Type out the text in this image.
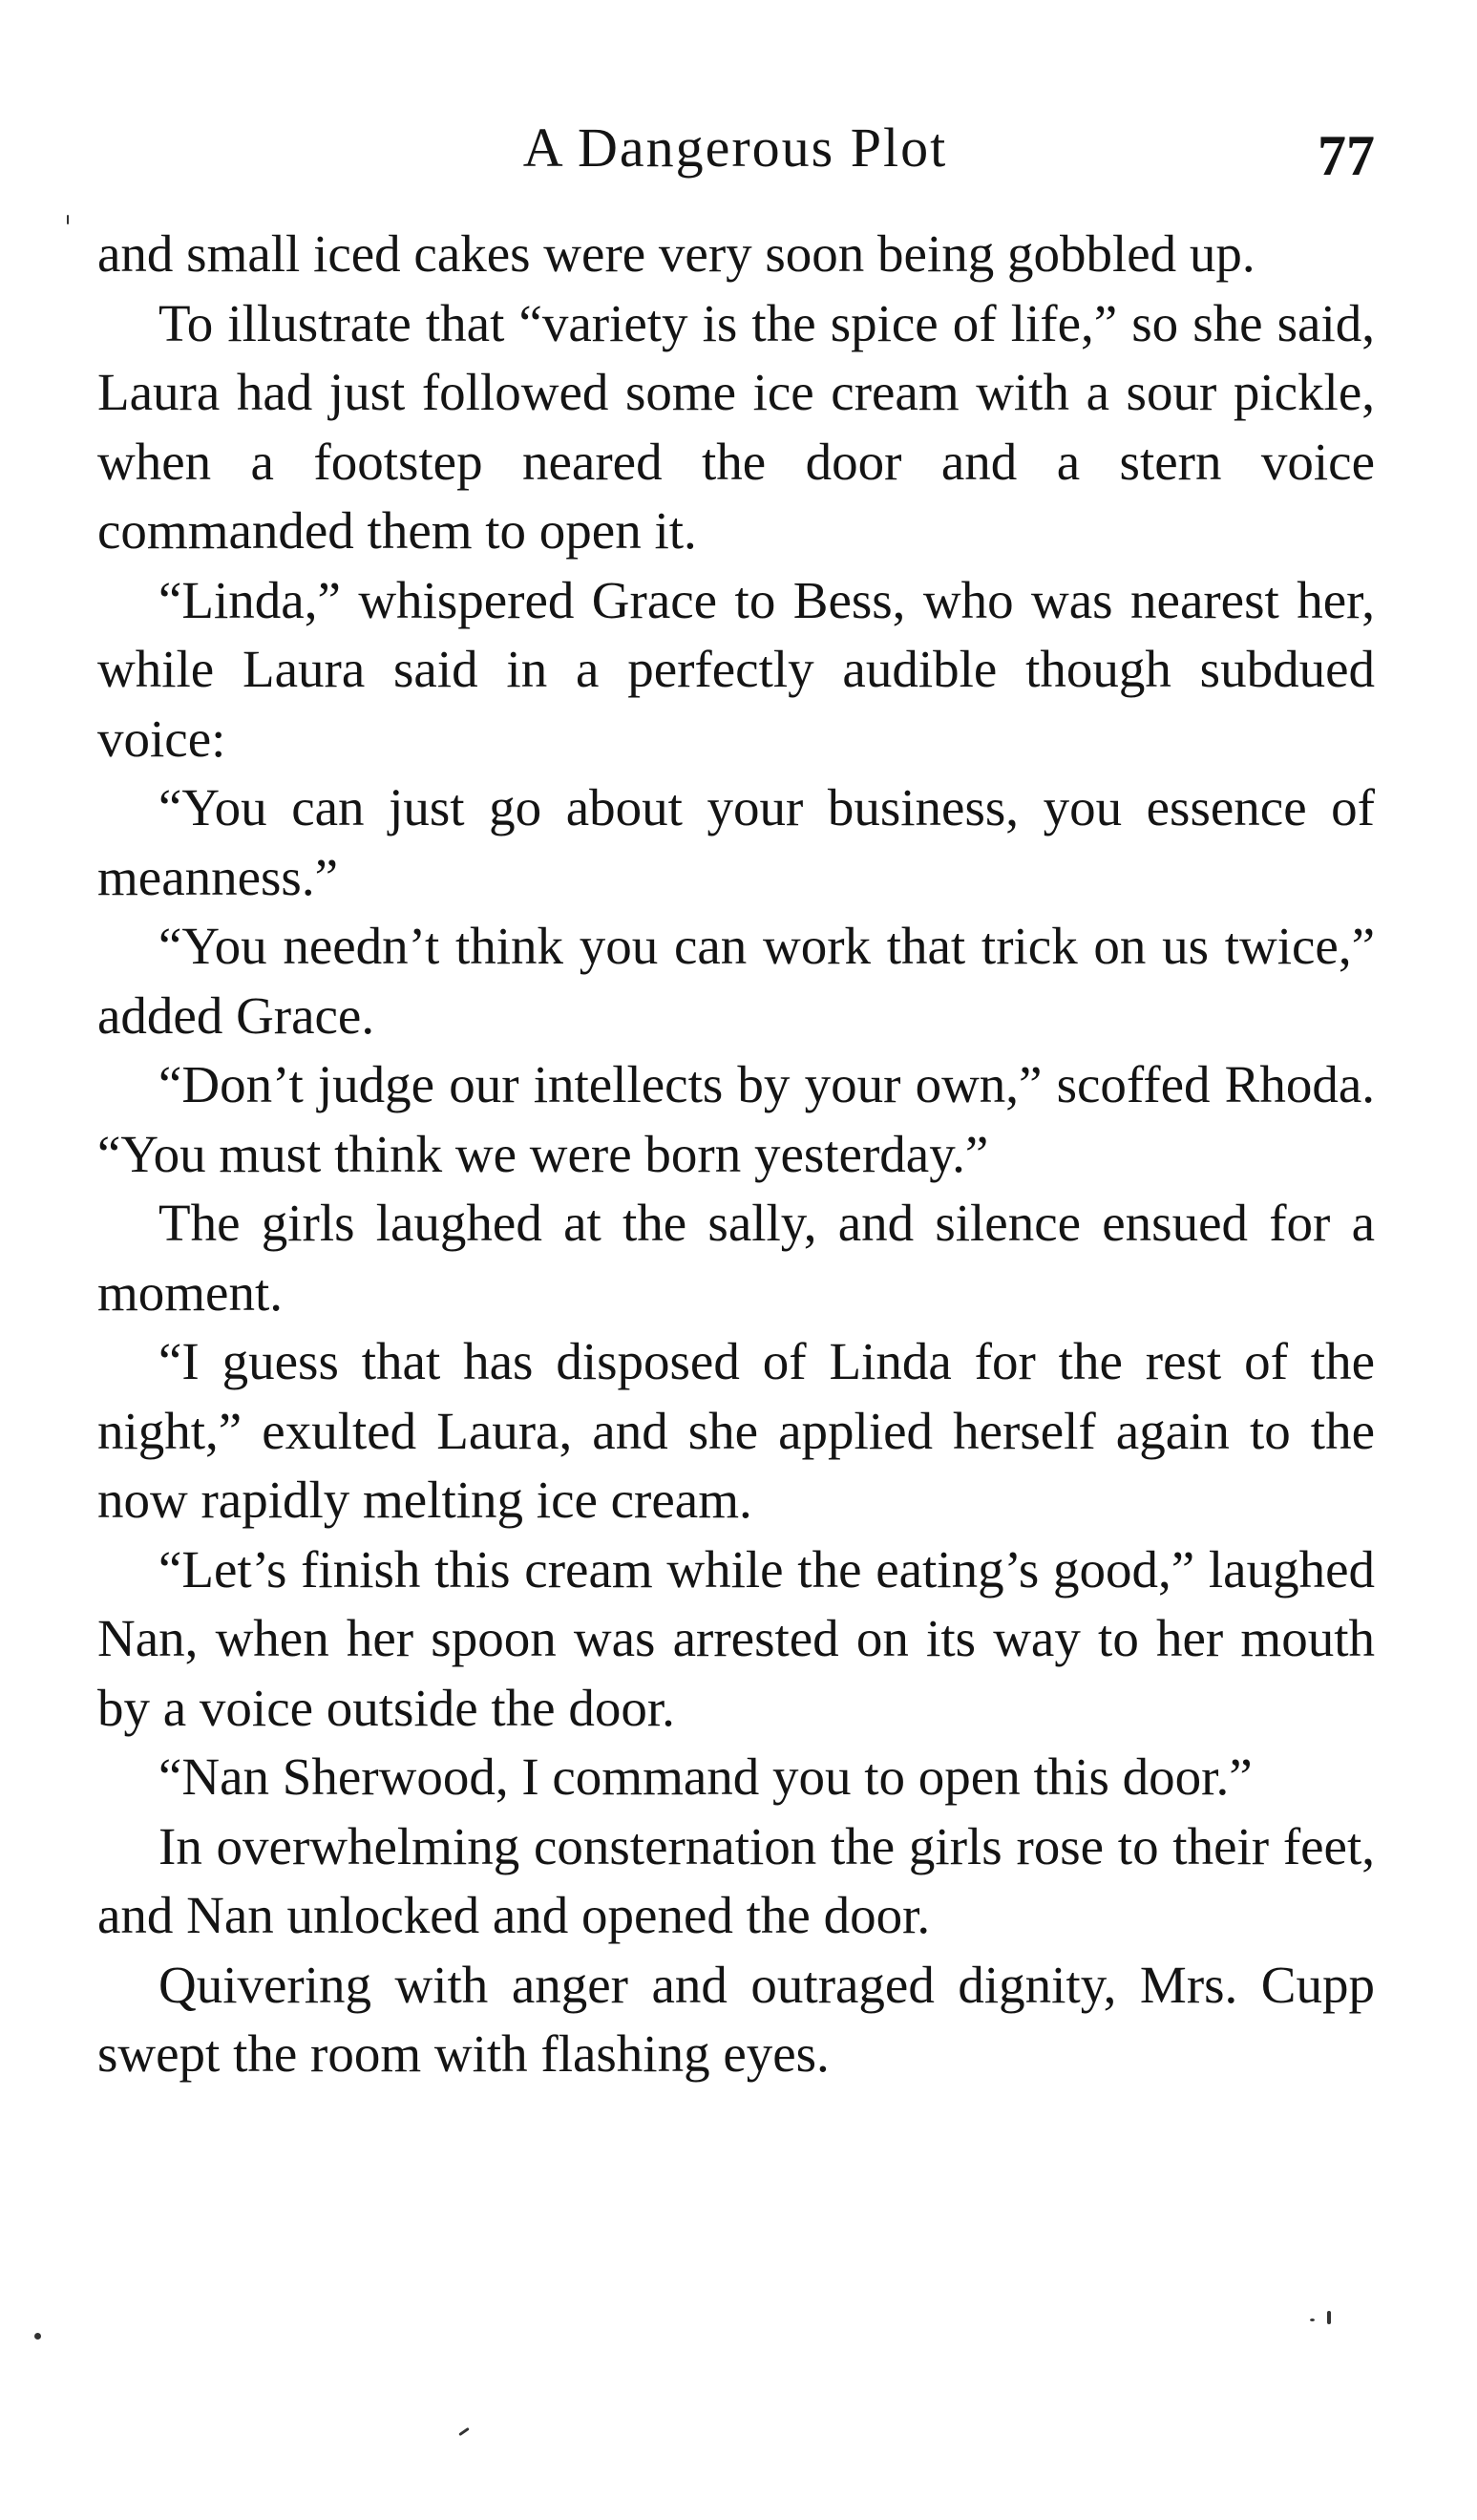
A Dangerous Plot	77

and small iced cakes were very soon being gobbled up.

To illustrate that “variety is the spice of life,” so she said, Laura had just followed some ice cream with a sour pickle, when a footstep neared the door and a stern voice commanded them to open it.

“Linda,” whispered Grace to Bess, who was nearest her, while Laura said in a perfectly audible though subdued voice:

“You can just go about your business, you essence of meanness.”

“You needn’t think you can work that trick on us twice,” added Grace.

“Don’t judge our intellects by your own,” scoffed Rhoda. “You must think we were born yesterday.”

The girls laughed at the sally, and silence ensued for a moment.

“I guess that has disposed of Linda for the rest of the night,” exulted Laura, and she applied herself again to the now rapidly melting ice cream.

“Let’s finish this cream while the eating’s good,” laughed Nan, when her spoon was arrested on its way to her mouth by a voice outside the door.

“Nan Sherwood, I command you to open this door.”

In overwhelming consternation the girls rose to their feet, and Nan unlocked and opened the door.

Quivering with anger and outraged dignity, Mrs. Cupp swept the room with flashing eyes.
